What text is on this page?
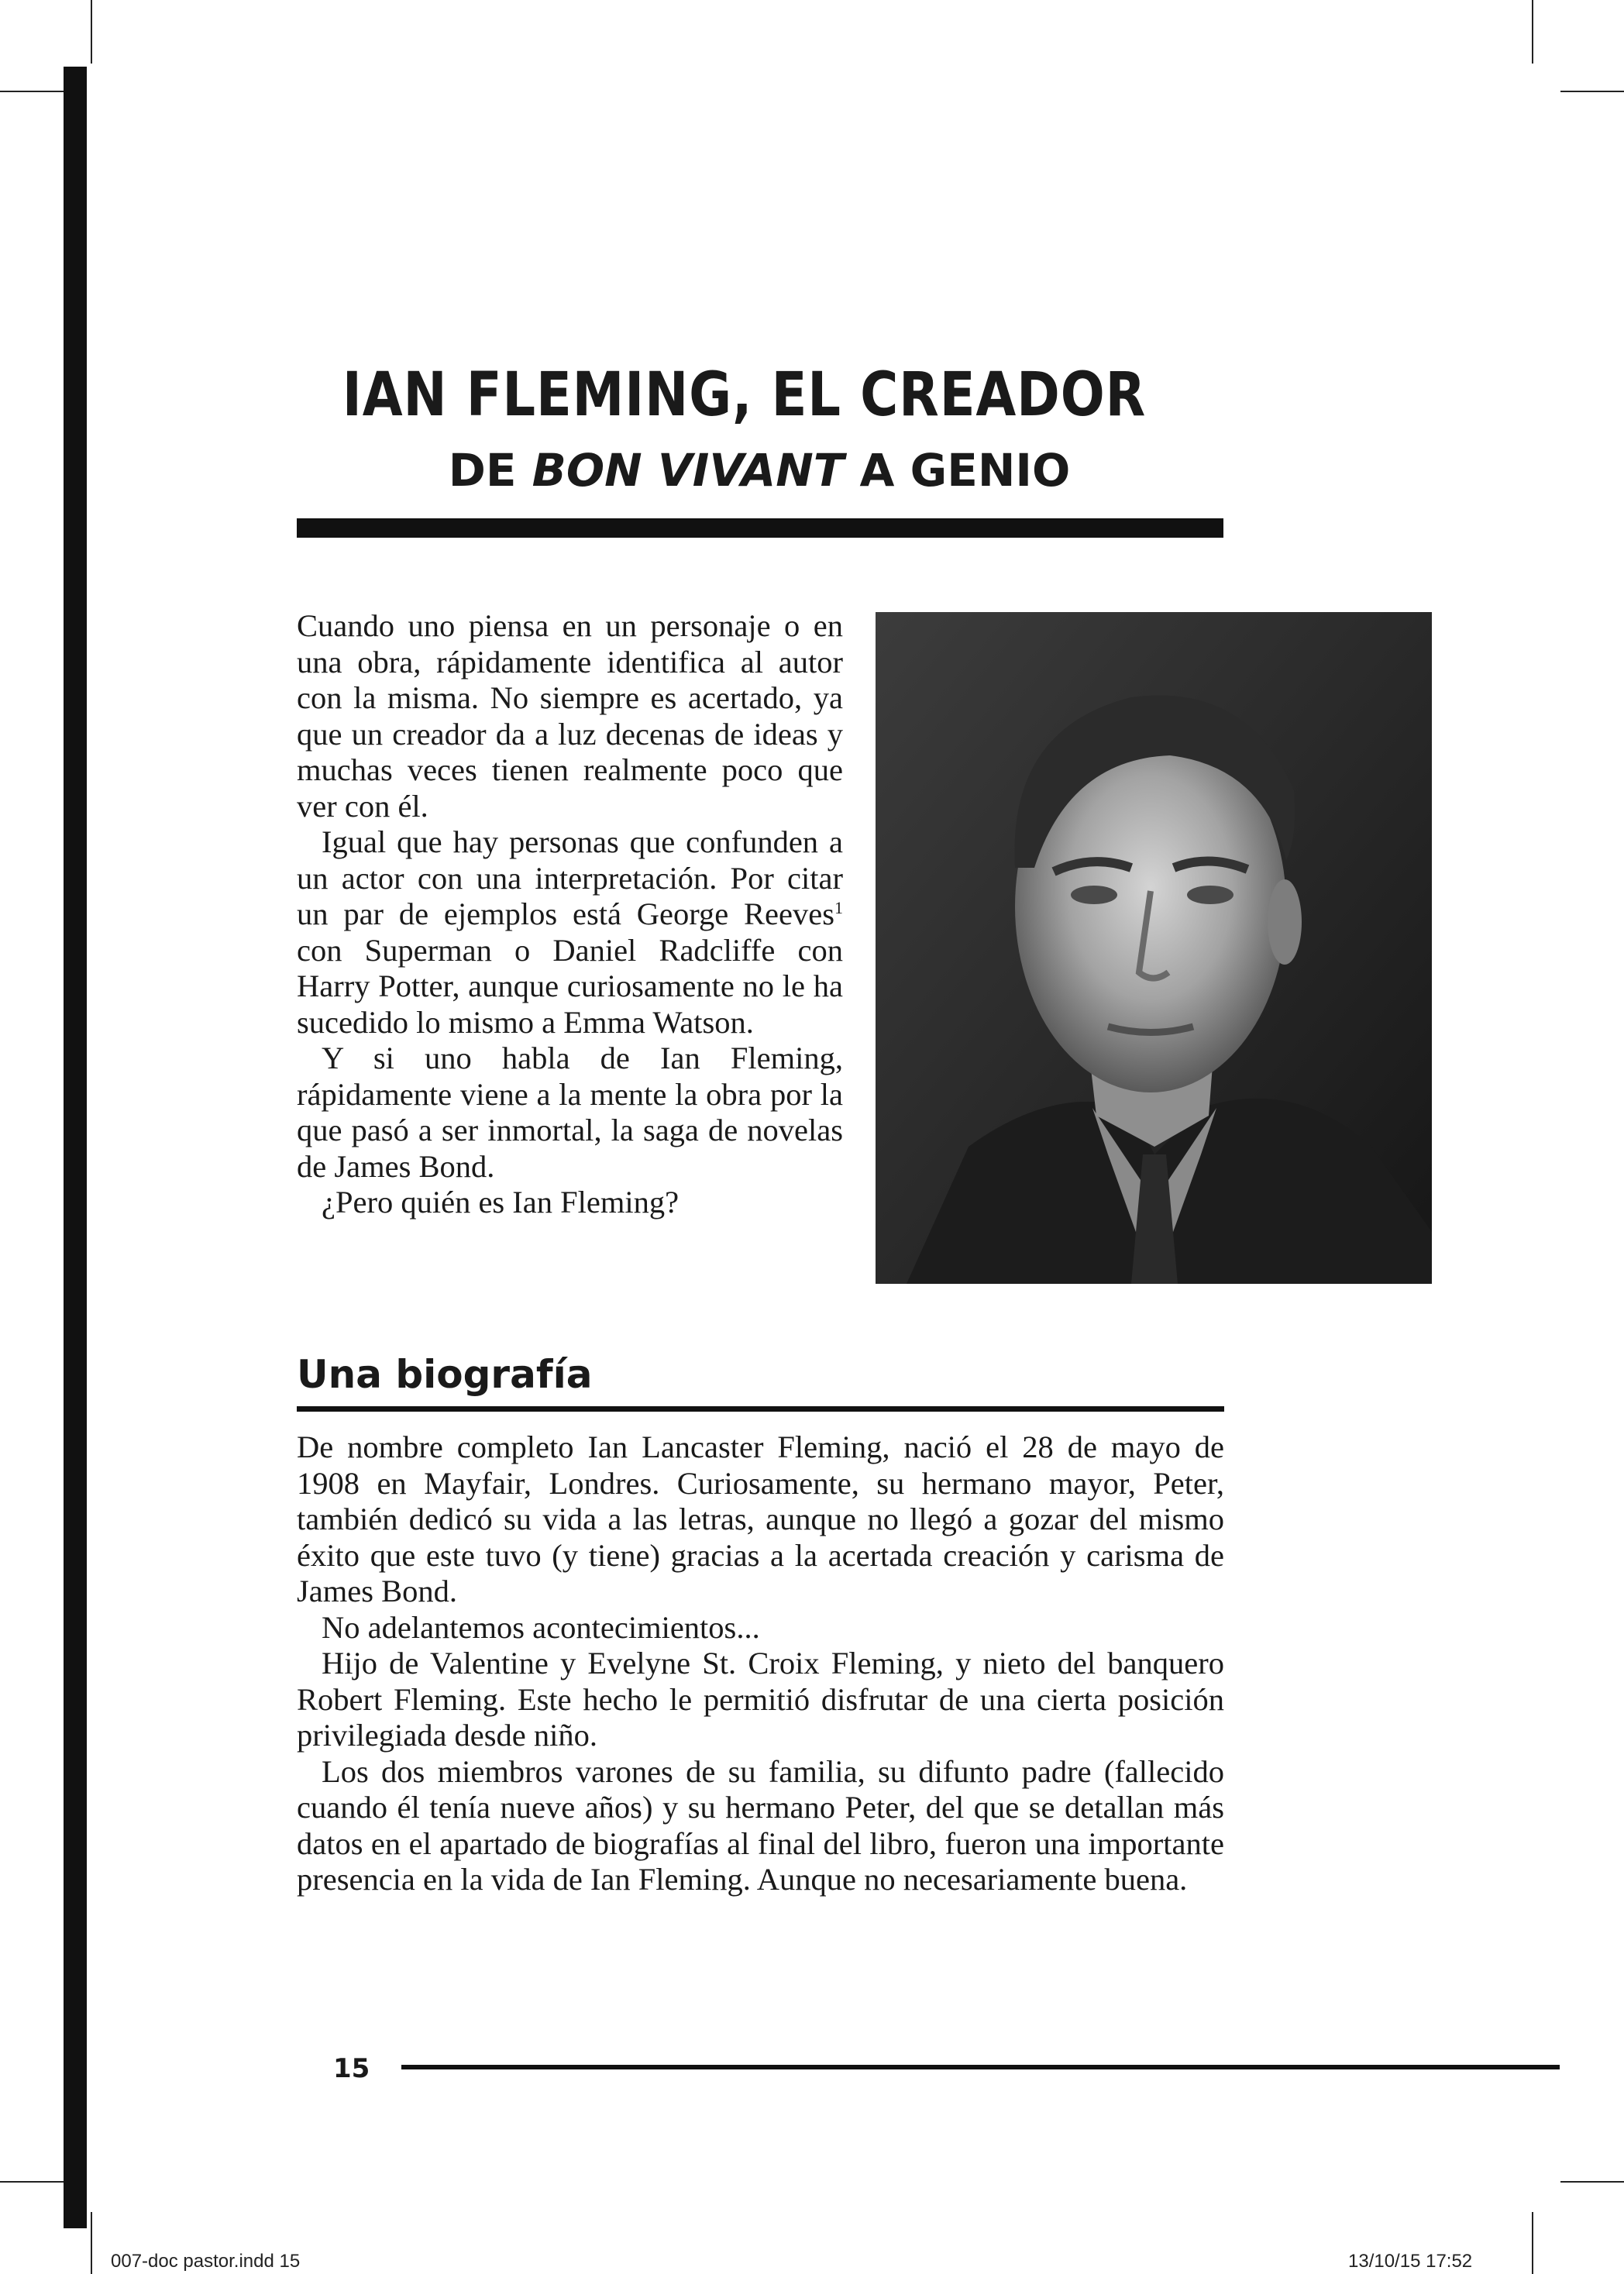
IAN FLEMING, EL CREADOR
DE BON VIVANT A GENIO

Cuando uno piensa en un personaje o en una obra, rápidamente identifica al autor con la misma. No siempre es acertado, ya que un creador da a luz decenas de ideas y muchas veces tienen realmente poco que ver con él.

Igual que hay personas que confunden a un actor con una interpretación. Por citar un par de ejemplos está George Reeves$^1$ con Superman o Daniel Radcliffe con Harry Potter, aunque curiosamente no le ha sucedido lo mismo a Emma Watson.

Y si uno habla de Ian Fleming, rápidamente viene a la mente la obra por la que pasó a ser inmortal, la saga de novelas de James Bond.

¿Pero quién es Ian Fleming?

Una biografía

De nombre completo Ian Lancaster Fleming, nació el 28 de mayo de 1908 en Mayfair, Londres. Curiosamente, su hermano mayor, Peter, también dedicó su vida a las letras, aunque no llegó a gozar del mismo éxito que este tuvo (y tiene) gracias a la acertada creación y carisma de James Bond.

No adelantemos acontecimientos...

Hijo de Valentine y Evelyne St. Croix Fleming, y nieto del banquero Robert Fleming. Este hecho le permitió disfrutar de una cierta posición privilegiada desde niño.

Los dos miembros varones de su familia, su difunto padre (fallecido cuando él tenía nueve años) y su hermano Peter, del que se detallan más datos en el apartado de biografías al final del libro, fueron una importante presencia en la vida de Ian Fleming. Aunque no necesariamente buena.

15
007-doc pastor.indd 15	13/10/15 17:52
